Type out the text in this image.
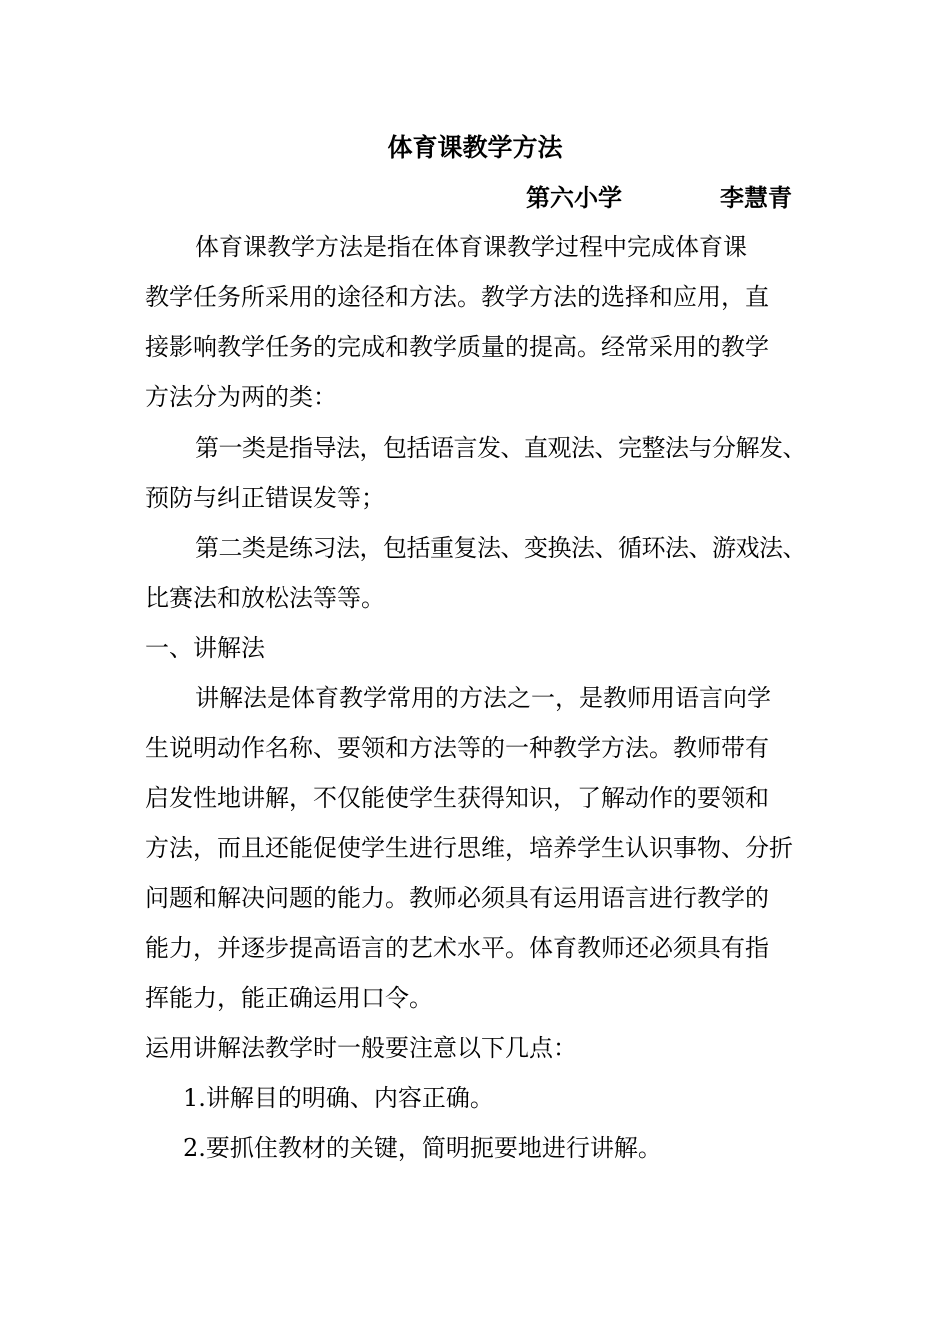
体育课教学方法
第六小学	李慧青
体育课教学方法是指在体育课教学过程中完成体育课
教学任务所采用的途径和方法。教学方法的选择和应用，直
接影响教学任务的完成和教学质量的提高。经常采用的教学
方法分为两的类：
第一类是指导法，包括语言发、直观法、完整法与分解发、
预防与纠正错误发等；
第二类是练习法，包括重复法、变换法、循环法、游戏法、
比赛法和放松法等等。
一、讲解法
讲解法是体育教学常用的方法之一，是教师用语言向学
生说明动作名称、要领和方法等的一种教学方法。教师带有
启发性地讲解，不仅能使学生获得知识，了解动作的要领和
方法，而且还能促使学生进行思维，培养学生认识事物、分折
问题和解决问题的能力。教师必须具有运用语言进行教学的
能力，并逐步提高语言的艺术水平。体育教师还必须具有指
挥能力，能正确运用口令。
运用讲解法教学时一般要注意以下几点：
1.讲解目的明确、内容正确。
2.要抓住教材的关键，简明扼要地进行讲解。
